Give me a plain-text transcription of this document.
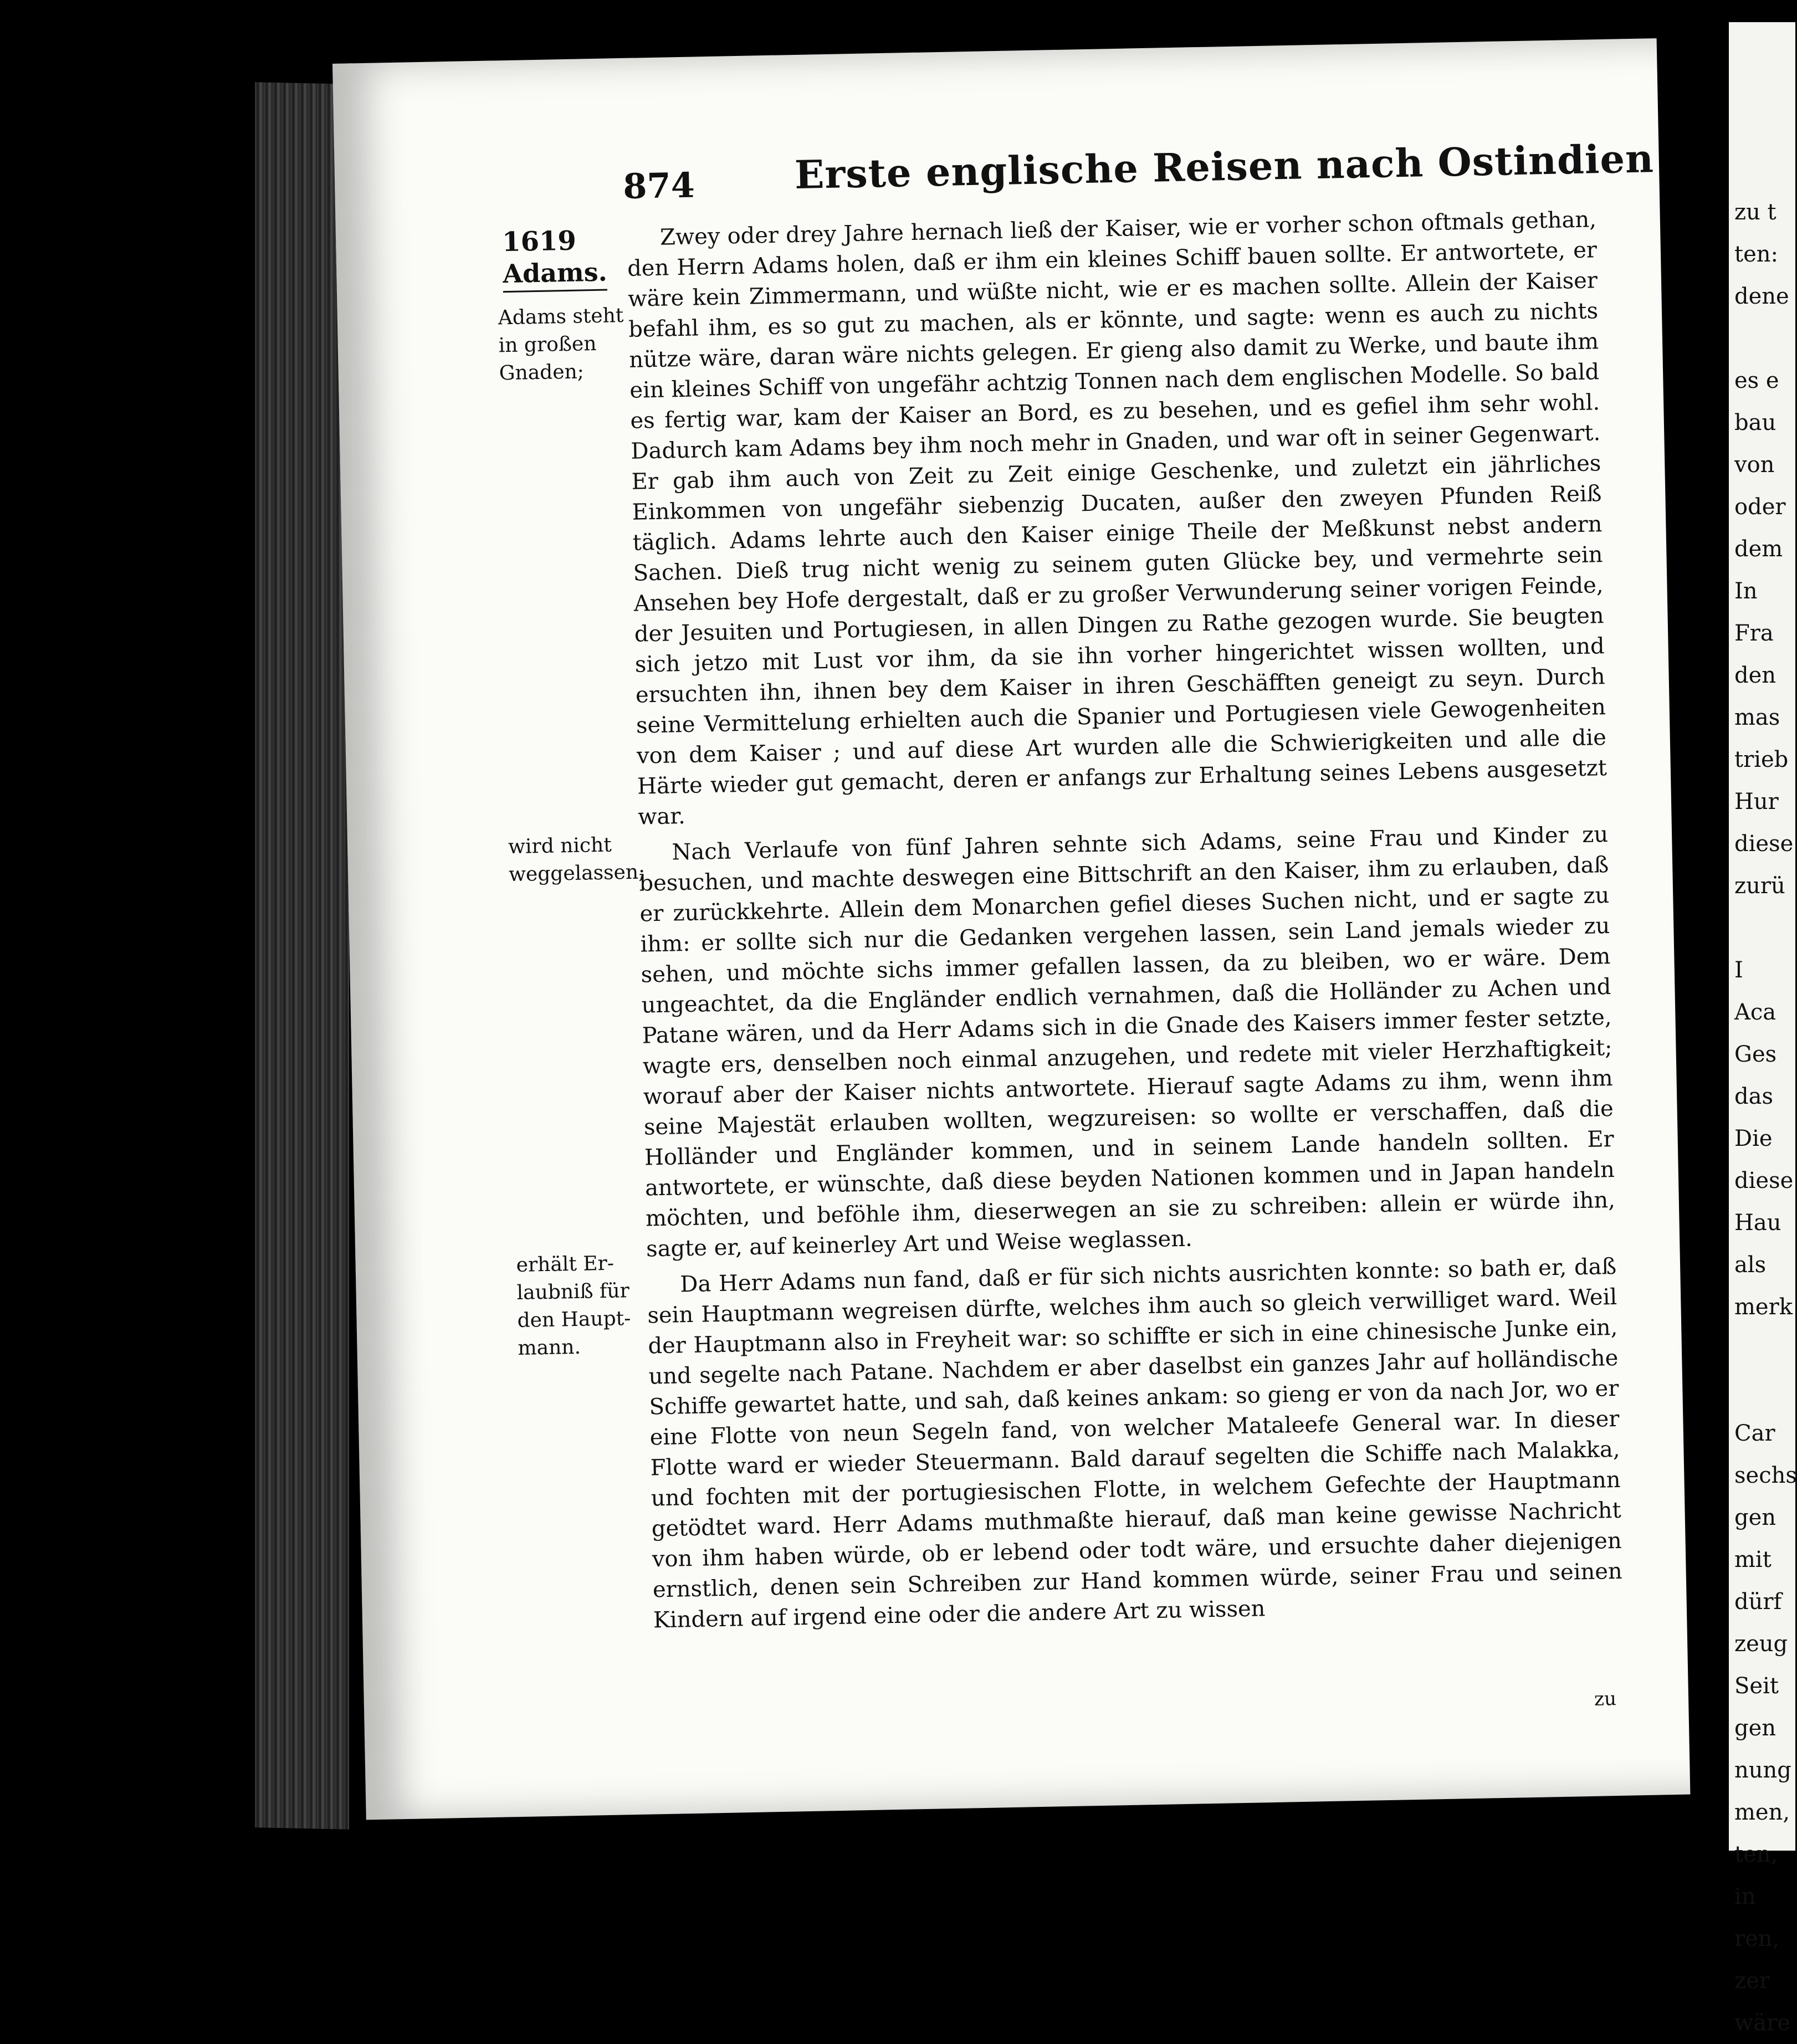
874	Erste englische Reisen nach Ostindien
1619
Adams.
Adams steht
in großen
Gnaden;
wird nicht
weggelassen;
erhält Er-
laubniß für
den Haupt-
mann.

Zwey oder drey Jahre hernach ließ der Kaiser, wie er vorher schon oftmals gethan, den Herrn Adams holen, daß er ihm ein kleines Schiff bauen sollte. Er antwortete, er wäre kein Zimmermann, und wüßte nicht, wie er es machen sollte. Allein der Kaiser befahl ihm, es so gut zu machen, als er könnte, und sagte: wenn es auch zu nichts nütze wäre, daran wäre nichts gelegen. Er gieng also damit zu Werke, und baute ihm ein kleines Schiff von ungefähr achtzig Tonnen nach dem englischen Modelle. So bald es fertig war, kam der Kaiser an Bord, es zu besehen, und es gefiel ihm sehr wohl. Dadurch kam Adams bey ihm noch mehr in Gnaden, und war oft in seiner Gegenwart. Er gab ihm auch von Zeit zu Zeit einige Geschenke, und zuletzt ein jährliches Einkommen von ungefähr siebenzig Ducaten, außer den zweyen Pfunden Reiß täglich. Adams lehrte auch den Kaiser einige Theile der Meßkunst nebst andern Sachen. Dieß trug nicht wenig zu seinem guten Glücke bey, und vermehrte sein Ansehen bey Hofe dergestalt, daß er zu großer Verwunderung seiner vorigen Feinde, der Jesuiten und Portugiesen, in allen Dingen zu Rathe gezogen wurde. Sie beugten sich jetzo mit Lust vor ihm, da sie ihn vorher hingerichtet wissen wollten, und ersuchten ihn, ihnen bey dem Kaiser in ihren Geschäfften geneigt zu seyn. Durch seine Vermittelung erhielten auch die Spanier und Portugiesen viele Gewogenheiten von dem Kaiser ; und auf diese Art wurden alle die Schwierigkeiten und alle die Härte wieder gut gemacht, deren er anfangs zur Erhaltung seines Lebens ausgesetzt war.

Nach Verlaufe von fünf Jahren sehnte sich Adams, seine Frau und Kinder zu besuchen, und machte deswegen eine Bittschrift an den Kaiser, ihm zu erlauben, daß er zurückkehrte. Allein dem Monarchen gefiel dieses Suchen nicht, und er sagte zu ihm: er sollte sich nur die Gedanken vergehen lassen, sein Land jemals wieder zu sehen, und möchte sichs immer gefallen lassen, da zu bleiben, wo er wäre. Dem ungeachtet, da die Engländer endlich vernahmen, daß die Holländer zu Achen und Patane wären, und da Herr Adams sich in die Gnade des Kaisers immer fester setzte, wagte ers, denselben noch einmal anzugehen, und redete mit vieler Herzhaftigkeit; worauf aber der Kaiser nichts antwortete. Hierauf sagte Adams zu ihm, wenn ihm seine Majestät erlauben wollten, wegzureisen: so wollte er verschaffen, daß die Holländer und Engländer kommen, und in seinem Lande handeln sollten. Er antwortete, er wünschte, daß diese beyden Nationen kommen und in Japan handeln möchten, und beföhle ihm, dieserwegen an sie zu schreiben: allein er würde ihn, sagte er, auf keinerley Art und Weise weglassen.

Da Herr Adams nun fand, daß er für sich nichts ausrichten konnte: so bath er, daß sein Hauptmann wegreisen dürfte, welches ihm auch so gleich verwilliget ward. Weil der Hauptmann also in Freyheit war: so schiffte er sich in eine chinesische Junke ein, und segelte nach Patane. Nachdem er aber daselbst ein ganzes Jahr auf holländische Schiffe gewartet hatte, und sah, daß keines ankam: so gieng er von da nach Jor, wo er eine Flotte von neun Segeln fand, von welcher Mataleefe General war. In dieser Flotte ward er wieder Steuermann. Bald darauf segelten die Schiffe nach Malakka, und fochten mit der portugiesischen Flotte, in welchem Gefechte der Hauptmann getödtet ward. Herr Adams muthmaßte hierauf, daß man keine gewisse Nachricht von ihm haben würde, ob er lebend oder todt wäre, und ersuchte daher diejenigen ernstlich, denen sein Schreiben zur Hand kommen würde, seiner Frau und seinen Kindern auf irgend eine oder die andere Art zu wissen

zu
zu t
ten:
dene

es e
bau
von
oder
dem
In
Fra
den
mas
trieb
Hur
diese
zurü

I
Aca
Ges
das
Die
diese
Hau
als
merk

Car
sechs
gen
mit
dürf
zeug
Seit
gen
nung
men,
ten,
in
ren,
zer
wäre
